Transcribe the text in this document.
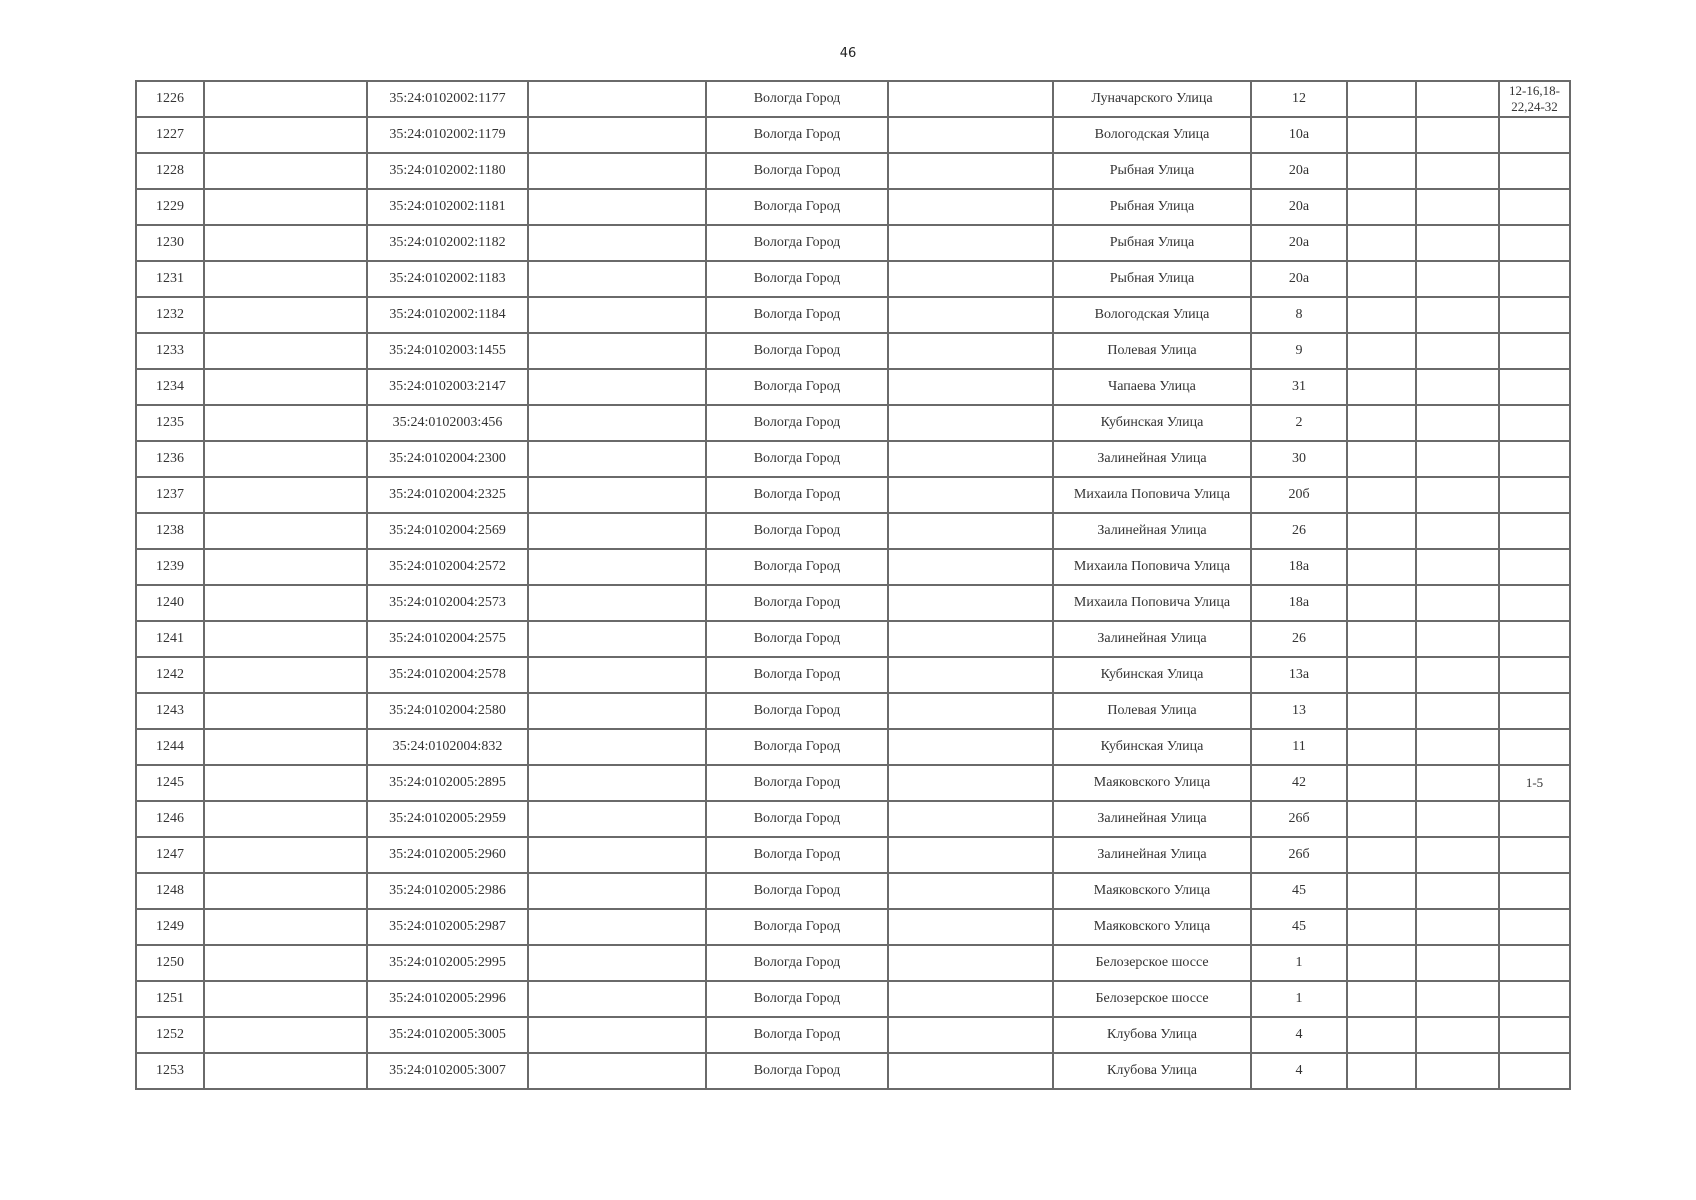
46
1226		35:24:0102002:1177		Вологда Город		Луначарского Улица	12			12-16,18-22,24-32
1227		35:24:0102002:1179		Вологда Город		Вологодская Улица	10а			
1228		35:24:0102002:1180		Вологда Город		Рыбная Улица	20а			
1229		35:24:0102002:1181		Вологда Город		Рыбная Улица	20а			
1230		35:24:0102002:1182		Вологда Город		Рыбная Улица	20а			
1231		35:24:0102002:1183		Вологда Город		Рыбная Улица	20а			
1232		35:24:0102002:1184		Вологда Город		Вологодская Улица	8			
1233		35:24:0102003:1455		Вологда Город		Полевая Улица	9			
1234		35:24:0102003:2147		Вологда Город		Чапаева Улица	31			
1235		35:24:0102003:456		Вологда Город		Кубинская Улица	2			
1236		35:24:0102004:2300		Вологда Город		Залинейная Улица	30			
1237		35:24:0102004:2325		Вологда Город		Михаила Поповича Улица	20б			
1238		35:24:0102004:2569		Вологда Город		Залинейная Улица	26			
1239		35:24:0102004:2572		Вологда Город		Михаила Поповича Улица	18а			
1240		35:24:0102004:2573		Вологда Город		Михаила Поповича Улица	18а			
1241		35:24:0102004:2575		Вологда Город		Залинейная Улица	26			
1242		35:24:0102004:2578		Вологда Город		Кубинская Улица	13а			
1243		35:24:0102004:2580		Вологда Город		Полевая Улица	13			
1244		35:24:0102004:832		Вологда Город		Кубинская Улица	11			
1245		35:24:0102005:2895		Вологда Город		Маяковского Улица	42			1-5
1246		35:24:0102005:2959		Вологда Город		Залинейная Улица	26б			
1247		35:24:0102005:2960		Вологда Город		Залинейная Улица	26б			
1248		35:24:0102005:2986		Вологда Город		Маяковского Улица	45			
1249		35:24:0102005:2987		Вологда Город		Маяковского Улица	45			
1250		35:24:0102005:2995		Вологда Город		Белозерское шоссе	1			
1251		35:24:0102005:2996		Вологда Город		Белозерское шоссе	1			
1252		35:24:0102005:3005		Вологда Город		Клубова Улица	4			
1253		35:24:0102005:3007		Вологда Город		Клубова Улица	4			
